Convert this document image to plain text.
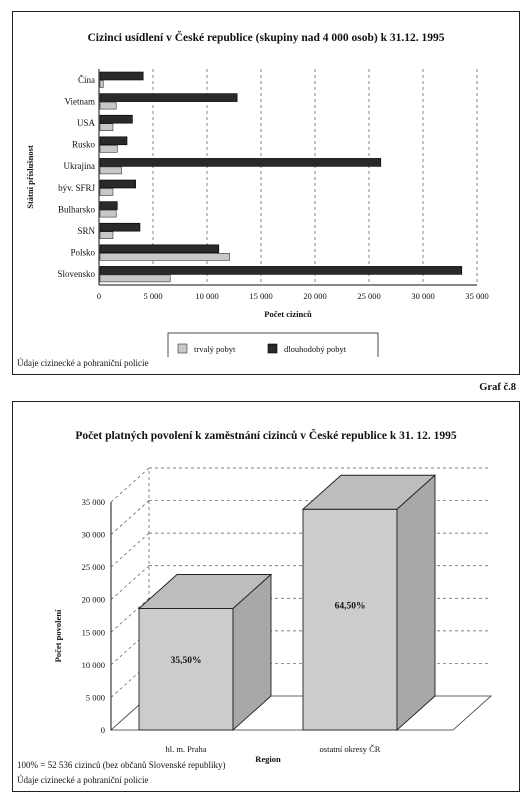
Cizinci usídlení v České republice (skupiny nad 4 000 osob) k 31.12. 1995
0	5 000	10 000	15 000	20 000	25 000	30 000	35 000
Slovensko
Polsko
SRN
Bulharsko
býv. SFRJ
Ukrajina
Rusko
USA
Vietnam
Čína
Počet cizinců
Státní příslušnost
trvalý pobyt	dlouhodobý pobyt
Údaje cizinecké a pohraniční policie
Graf č.8
Počet platných povolení k zaměstnání cizinců v České republice k 31. 12. 1995
0
5 000
10 000
15 000
20 000
25 000
30 000
35 000
35,50%
hl. m. Praha
64,50%
ostatní okresy ČR
Region
Počet povolení
100% = 52 536 cizinců (bez občanů Slovenské republiky)
Údaje cizinecké a pohraniční policie
